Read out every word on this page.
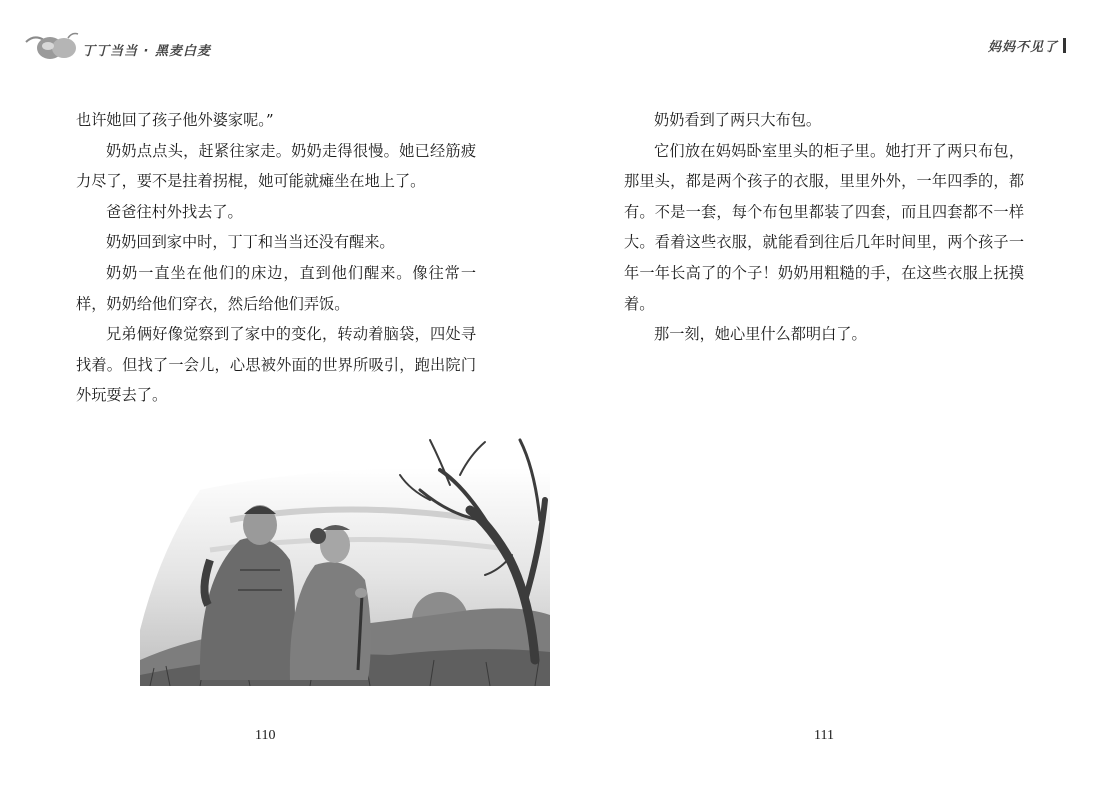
丁丁当当 · 黑麦白麦	妈妈不见了

也许她回了孩子他外婆家呢。”

奶奶点点头，赶紧往家走。奶奶走得很慢。她已经筋疲力尽了，要不是拄着拐棍，她可能就瘫坐在地上了。

爸爸往村外找去了。

奶奶回到家中时，丁丁和当当还没有醒来。

奶奶一直坐在他们的床边，直到他们醒来。像往常一样，奶奶给他们穿衣，然后给他们弄饭。

兄弟俩好像觉察到了家中的变化，转动着脑袋，四处寻找着。但找了一会儿，心思被外面的世界所吸引，跑出院门外玩耍去了。

奶奶看到了两只大布包。

它们放在妈妈卧室里头的柜子里。她打开了两只布包，那里头，都是两个孩子的衣服，里里外外，一年四季的，都有。不是一套，每个布包里都装了四套，而且四套都不一样大。看着这些衣服，就能看到往后几年时间里，两个孩子一年一年长高了的个子！奶奶用粗糙的手，在这些衣服上抚摸着。

那一刻，她心里什么都明白了。

110	111
